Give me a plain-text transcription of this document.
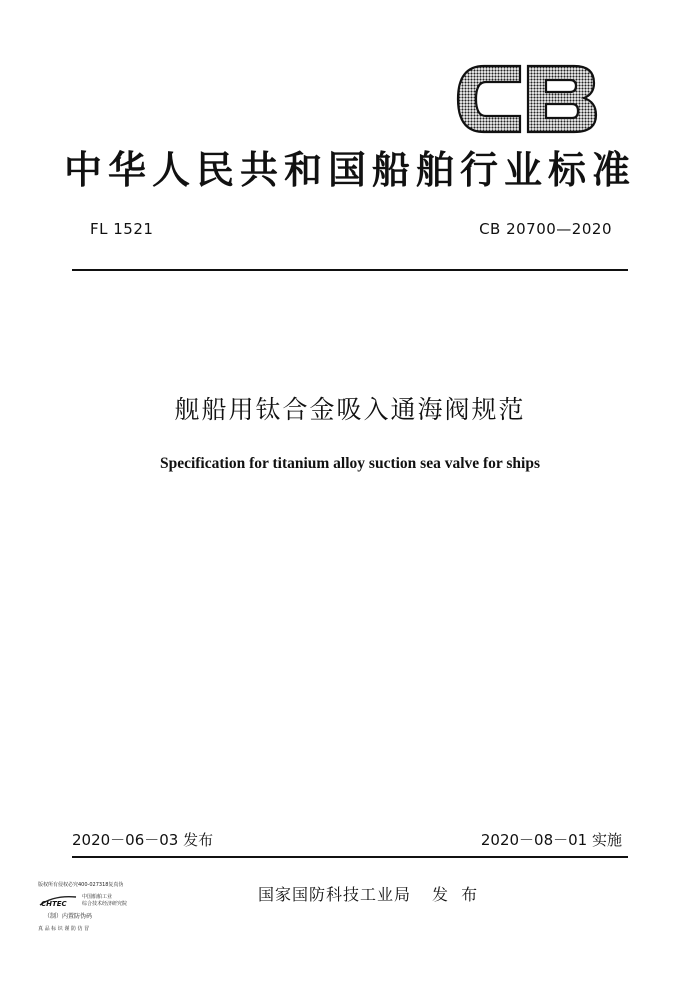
中华人民共和国船舶行业标准
FL 1521	CB 20700—2020
舰船用钛合金吸入通海阀规范
Specification for titanium alloy suction sea valve for ships
2020－06－03 发布	2020－08－01 实施
版权所有侵权必究400-027318复真伪
CHTEC
中国船舶工业
综合技术经济研究院
（制）内置防伪码
真 品 标 识 谨 防 仿 冒
国家国防科技工业局 发 布
